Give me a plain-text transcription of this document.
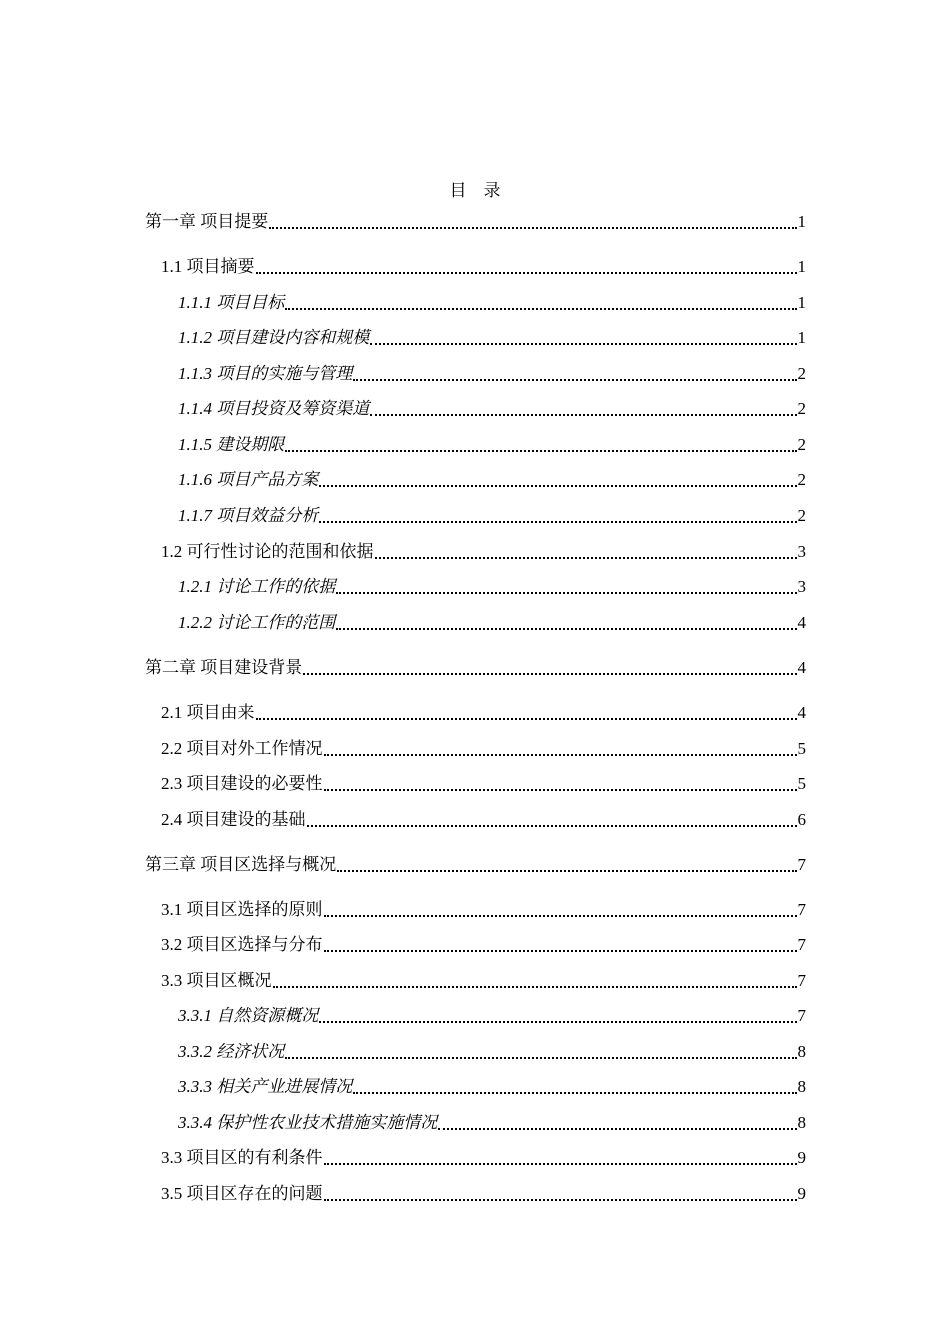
目　录
第一章 项目提要	1
1.1 项目摘要	1
1.1.1 项目目标	1
1.1.2 项目建设内容和规模	1
1.1.3 项目的实施与管理	2
1.1.4 项目投资及筹资渠道	2
1.1.5 建设期限	2
1.1.6 项目产品方案	2
1.1.7 项目效益分析	2
1.2 可行性讨论的范围和依据	3
1.2.1 讨论工作的依据	3
1.2.2 讨论工作的范围	4
第二章 项目建设背景	4
2.1 项目由来	4
2.2 项目对外工作情况	5
2.3 项目建设的必要性	5
2.4 项目建设的基础	6
第三章 项目区选择与概况	7
3.1 项目区选择的原则	7
3.2 项目区选择与分布	7
3.3 项目区概况	7
3.3.1 自然资源概况	7
3.3.2 经济状况	8
3.3.3 相关产业进展情况	8
3.3.4 保护性农业技术措施实施情况	8
3.3 项目区的有利条件	9
3.5 项目区存在的问题	9
